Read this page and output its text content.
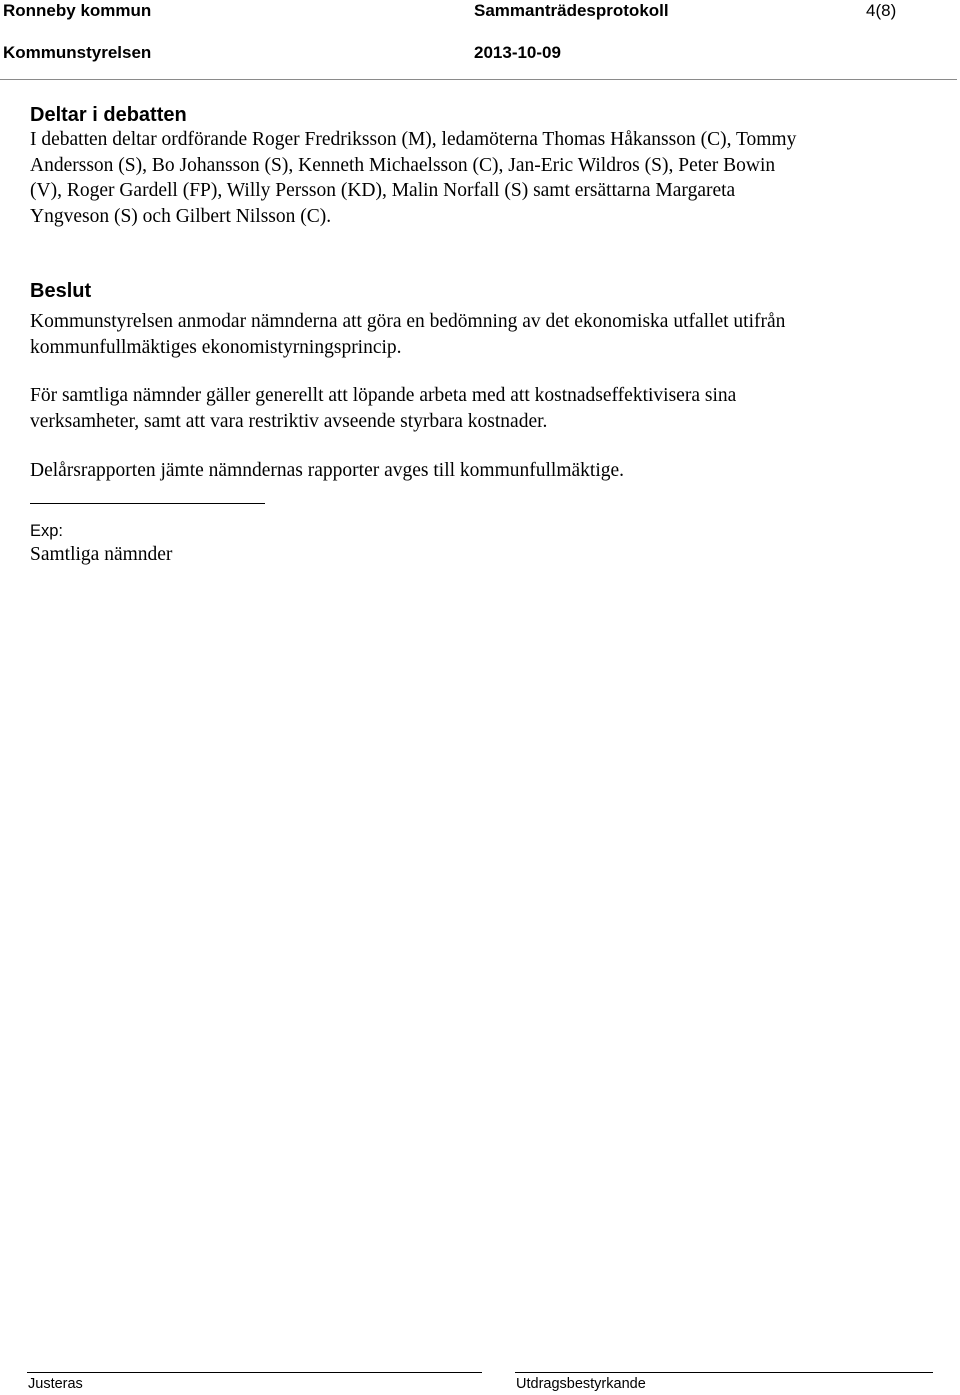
Ronneby kommun	Sammanträdesprotokoll	4(8)
Kommunstyrelsen	2013-10-09
Deltar i debatten
I debatten deltar ordförande Roger Fredriksson (M), ledamöterna Thomas Håkansson (C), Tommy
Andersson (S), Bo Johansson (S), Kenneth Michaelsson (C), Jan-Eric Wildros (S), Peter Bowin
(V), Roger Gardell (FP), Willy Persson (KD), Malin Norfall (S) samt ersättarna Margareta
Yngveson (S) och Gilbert Nilsson (C).
Beslut
Kommunstyrelsen anmodar nämnderna att göra en bedömning av det ekonomiska utfallet utifrån
kommunfullmäktiges ekonomistyrningsprincip.
För samtliga nämnder gäller generellt att löpande arbeta med att kostnadseffektivisera sina
verksamheter, samt att vara restriktiv avseende styrbara kostnader.
Delårsrapporten jämte nämndernas rapporter avges till kommunfullmäktige.
Exp:
Samtliga nämnder
Justeras	Utdragsbestyrkande
